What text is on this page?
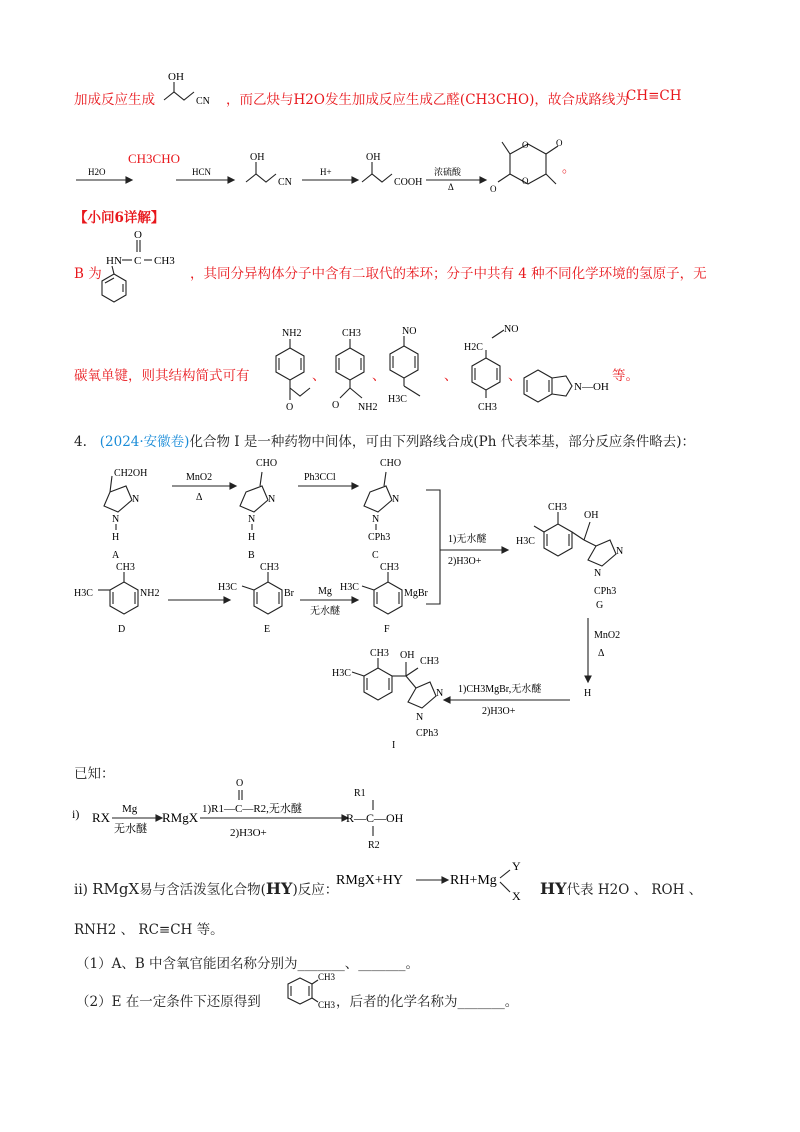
加成反应生成
OH
CN ，而乙炔与H2O发生加成反应生成乙醛(CH3CHO)，故合成路线为
CH≡CH
H2O
CH3CHO
HCN
OH
CN
H+
OH
COOH
浓硫酸
Δ
O
O
O
O
。
【小问6详解】
B 为
HN C
O
CH3
，其同分异构体分子中含有二取代的苯环；分子中共有 4 种不同化学环境的氢原子，无
碳氧单键，则其结构简式可有
NH2
O
、
CH3
O NH2
、
NO
H3C
、
NO
H2C
CH3
、
N—OH
等。
4. (2024·安徽卷)化合物 I 是一种药物中间体，可由下列路线合成(Ph 代表苯基，部分反应条件略去)：
CH2OH
N
N
H
A
MnO2
Δ
CHO
N
N
H
B
Ph3CCl
CHO
N
N
CPh3
C
1)无水醚
2)H3O+
H3C
CH3
OH
N
N
CPh3
G
MnO2
Δ
H
H3C
CH3
NH2
D
H3C
CH3
Br
E
Mg
无水醚
H3C
CH3
MgBr
F
1)CH3MgBr,无水醚
2)H3O+
H3C
CH3 OH
CH3
N
N
CPh3
I
已知：
i) RX
Mg
无水醚
RMgX
O
1)R1—C—R2,无水醚
2)H3O+
R1
R—C—OH
R2
ii) RMgX易与含活泼氢化合物(HY)反应：
RMgX+HY	RH+Mg
Y
X HY代表 H2O 、 ROH 、
RNH2 、 RC≡CH 等。
（1）A、B 中含氧官能团名称分别为_______、_______。
（2）E 在一定条件下还原得到
CH3
CH3 ，后者的化学名称为_______。
